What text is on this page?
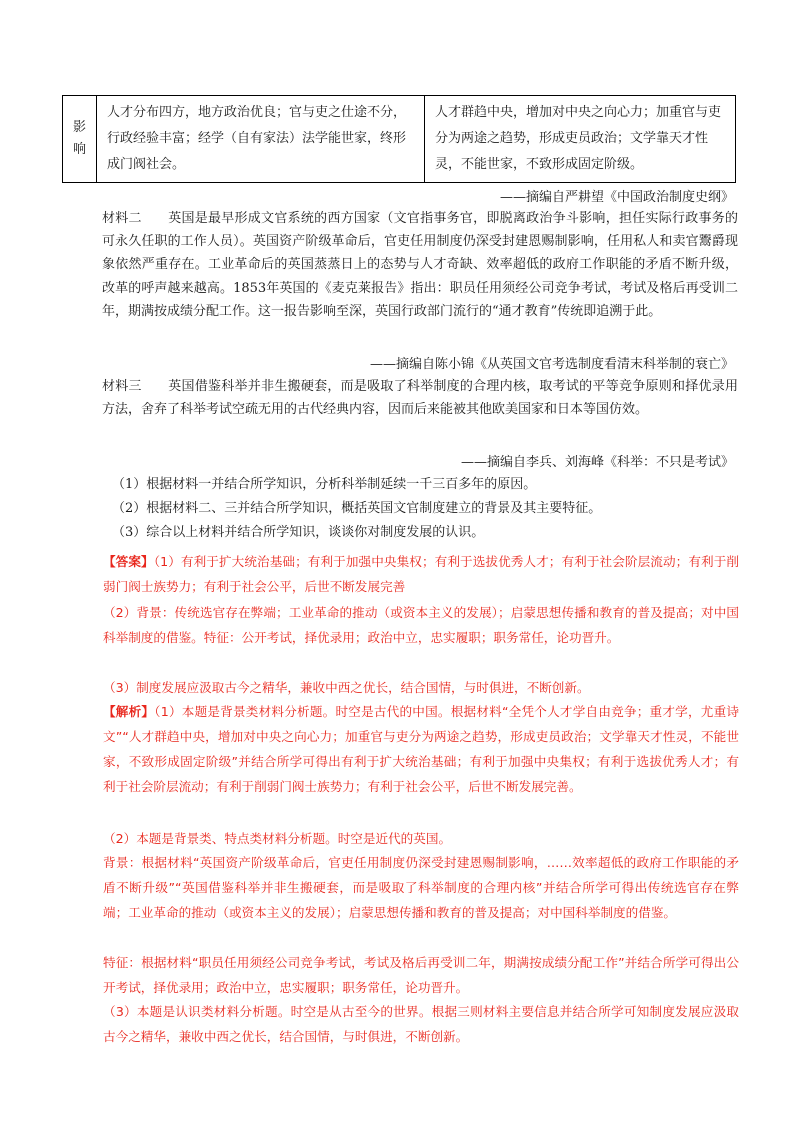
影
响
	人才分布四方，地方政治优良；官与吏之仕途不分，行政经验丰富；经学（自有家法）法学能世家，终形成门阀社会。	人才群趋中央，增加对中央之向心力；加重官与吏分为两途之趋势，形成吏员政治；文学靠天才性灵，不能世家，不致形成固定阶级。
——摘编自严耕望《中国政治制度史纲》
材料二　　英国是最早形成文官系统的西方国家（文官指事务官，即脱离政治争斗影响，担任实际行政事务的可永久任职的工作人员）。英国资产阶级革命后，官吏任用制度仍深受封建恩赐制影响，任用私人和卖官鬻爵现象依然严重存在。工业革命后的英国蒸蒸日上的态势与人才奇缺、效率超低的政府工作职能的矛盾不断升级，改革的呼声越来越高。1853年英国的《麦克莱报告》指出：职员任用须经公司竞争考试，考试及格后再受训二年，期满按成绩分配工作。这一报告影响至深，英国行政部门流行的“通才教育”传统即追溯于此。
——摘编自陈小锦《从英国文官考选制度看清末科举制的衰亡》
材料三　　英国借鉴科举并非生搬硬套，而是吸取了科举制度的合理内核，取考试的平等竞争原则和择优录用方法，舍弃了科举考试空疏无用的古代经典内容，因而后来能被其他欧美国家和日本等国仿效。
——摘编自李兵、刘海峰《科举：不只是考试》
（1）根据材料一并结合所学知识，分析科举制延续一千三百多年的原因。
（2）根据材料二、三并结合所学知识，概括英国文官制度建立的背景及其主要特征。
（3）综合以上材料并结合所学知识，谈谈你对制度发展的认识。
【答案】（1）有利于扩大统治基础；有利于加强中央集权；有利于选拔优秀人才；有利于社会阶层流动；有利于削弱门阀士族势力；有利于社会公平，后世不断发展完善
（2）背景：传统选官存在弊端；工业革命的推动（或资本主义的发展）；启蒙思想传播和教育的普及提高；对中国科举制度的借鉴。特征：公开考试，择优录用；政治中立，忠实履职；职务常任，论功晋升。
（3）制度发展应汲取古今之精华，兼收中西之优长，结合国情，与时俱进，不断创新。
【解析】（1）本题是背景类材料分析题。时空是古代的中国。根据材料“全凭个人才学自由竞争；重才学，尤重诗文”“人才群趋中央，增加对中央之向心力；加重官与吏分为两途之趋势，形成吏员政治；文学靠天才性灵，不能世家，不致形成固定阶级”并结合所学可得出有利于扩大统治基础；有利于加强中央集权；有利于选拔优秀人才；有利于社会阶层流动；有利于削弱门阀士族势力；有利于社会公平，后世不断发展完善。
（2）本题是背景类、特点类材料分析题。时空是近代的英国。
背景：根据材料“英国资产阶级革命后，官吏任用制度仍深受封建恩赐制影响，……效率超低的政府工作职能的矛盾不断升级”“英国借鉴科举并非生搬硬套，而是吸取了科举制度的合理内核”并结合所学可得出传统选官存在弊端；工业革命的推动（或资本主义的发展）；启蒙思想传播和教育的普及提高；对中国科举制度的借鉴。
特征：根据材料“职员任用须经公司竞争考试，考试及格后再受训二年，期满按成绩分配工作”并结合所学可得出公开考试，择优录用；政治中立，忠实履职；职务常任，论功晋升。
（3）本题是认识类材料分析题。时空是从古至今的世界。根据三则材料主要信息并结合所学可知制度发展应汲取古今之精华，兼收中西之优长，结合国情，与时俱进，不断创新。
